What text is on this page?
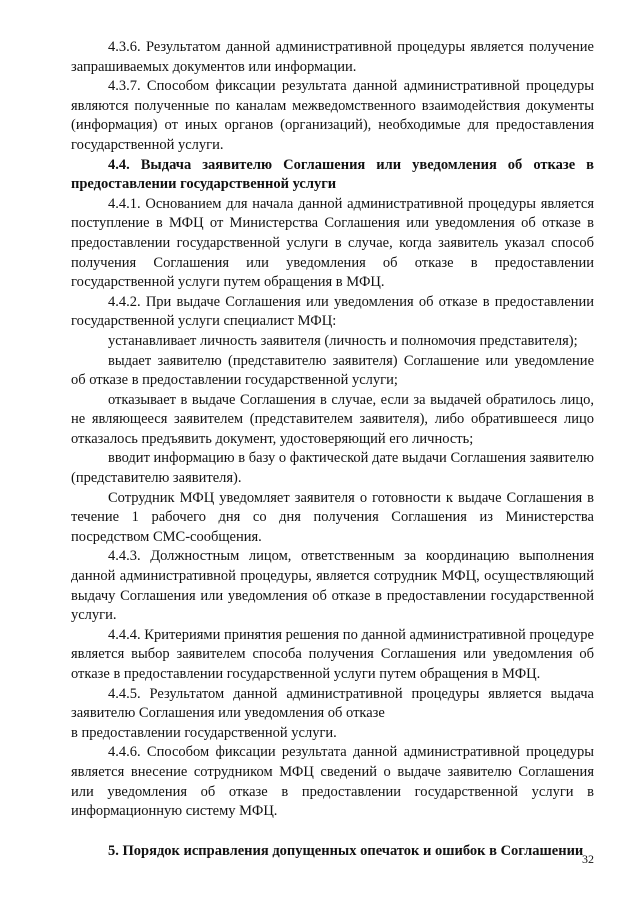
4.3.6. Результатом данной административной процедуры является получение запрашиваемых документов или информации.

4.3.7. Способом фиксации результата данной административной процедуры являются полученные по каналам межведомственного взаимодействия документы (информация) от иных органов (организаций), необходимые для предоставления государственной услуги.

4.4. Выдача заявителю Соглашения или уведомления об отказе в предоставлении государственной услуги

4.4.1. Основанием для начала данной административной процедуры является поступление в МФЦ от Министерства Соглашения или уведомления об отказе в предоставлении государственной услуги в случае, когда заявитель указал способ получения Соглашения или уведомления об отказе в предоставлении государственной услуги путем обращения в МФЦ.

4.4.2. При выдаче Соглашения или уведомления об отказе в предоставлении государственной услуги специалист МФЦ:

устанавливает личность заявителя (личность и полномочия представителя);

выдает заявителю (представителю заявителя) Соглашение или уведомление об отказе в предоставлении государственной услуги;

отказывает в выдаче Соглашения в случае, если за выдачей обратилось лицо, не являющееся заявителем (представителем заявителя), либо обратившееся лицо отказалось предъявить документ, удостоверяющий его личность;

вводит информацию в базу о фактической дате выдачи Соглашения заявителю (представителю заявителя).

Сотрудник МФЦ уведомляет заявителя о готовности к выдаче Соглашения в течение 1 рабочего дня со дня получения Соглашения из Министерства посредством СМС-сообщения.

4.4.3. Должностным лицом, ответственным за координацию выполнения данной административной процедуры, является сотрудник МФЦ, осуществляющий выдачу Соглашения или уведомления об отказе в предоставлении государственной услуги.

4.4.4. Критериями принятия решения по данной административной процедуре является выбор заявителем способа получения Соглашения или уведомления об отказе в предоставлении государственной услуги путем обращения в МФЦ.

4.4.5. Результатом данной административной процедуры является выдача заявителю Соглашения или уведомления об отказе

в предоставлении государственной услуги.

4.4.6. Способом фиксации результата данной административной процедуры является внесение сотрудником МФЦ сведений о выдаче заявителю Соглашения или уведомления об отказе в предоставлении государственной услуги в информационную систему МФЦ.

5. Порядок исправления допущенных опечаток и ошибок в Соглашении

32
